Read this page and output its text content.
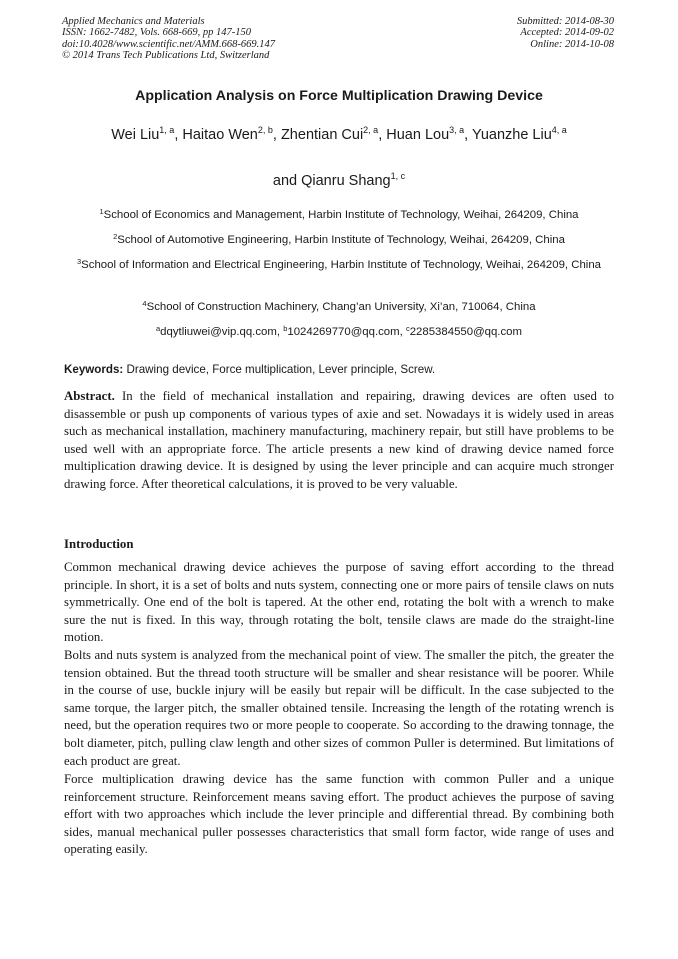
Applied Mechanics and Materials
ISSN: 1662-7482, Vols. 668-669, pp 147-150
doi:10.4028/www.scientific.net/AMM.668-669.147
© 2014 Trans Tech Publications Ltd, Switzerland
Submitted: 2014-08-30
Accepted: 2014-09-02
Online: 2014-10-08
Application Analysis on Force Multiplication Drawing Device
Wei Liu$^{1, a}$, Haitao Wen$^{2, b}$, Zhentian Cui$^{2, a}$, Huan Lou$^{3, a}$, Yuanzhe Liu$^{4, a}$
and Qianru Shang$^{1, c}$
$^1$School of Economics and Management, Harbin Institute of Technology, Weihai, 264209, China
$^2$School of Automotive Engineering, Harbin Institute of Technology, Weihai, 264209, China
$^3$School of Information and Electrical Engineering, Harbin Institute of Technology, Weihai, 264209, China
$^4$School of Construction Machinery, Chang’an University, Xi’an, 710064, China
$^a$dqytliuwei@vip.qq.com, $^b$1024269770@qq.com, $^c$2285384550@qq.com
Keywords: Drawing device, Force multiplication, Lever principle, Screw.
Abstract. In the field of mechanical installation and repairing, drawing devices are often used to disassemble or push up components of various types of axie and set. Nowadays it is widely used in areas such as mechanical installation, machinery manufacturing, machinery repair, but still have problems to be used well with an appropriate force. The article presents a new kind of drawing device named force multiplication drawing device. It is designed by using the lever principle and can acquire much stronger drawing force. After theoretical calculations, it is proved to be very valuable.
Introduction
Common mechanical drawing device achieves the purpose of saving effort according to the thread principle. In short, it is a set of bolts and nuts system, connecting one or more pairs of tensile claws on nuts symmetrically. One end of the bolt is tapered. At the other end, rotating the bolt with a wrench to make sure the nut is fixed. In this way, through rotating the bolt, tensile claws are made do the straight-line motion.
Bolts and nuts system is analyzed from the mechanical point of view. The smaller the pitch, the greater the tension obtained. But the thread tooth structure will be smaller and shear resistance will be poorer. While in the course of use, buckle injury will be easily but repair will be difficult. In the case subjected to the same torque, the larger pitch, the smaller obtained tensile. Increasing the length of the rotating wrench is need, but the operation requires two or more people to cooperate. So according to the drawing tonnage, the bolt diameter, pitch, pulling claw length and other sizes of common Puller is determined. But limitations of each product are great.
Force multiplication drawing device has the same function with common Puller and a unique reinforcement structure. Reinforcement means saving effort. The product achieves the purpose of saving effort with two approaches which include the lever principle and differential thread. By combining both sides, manual mechanical puller possesses characteristics that small form factor, wide range of uses and operating easily.
